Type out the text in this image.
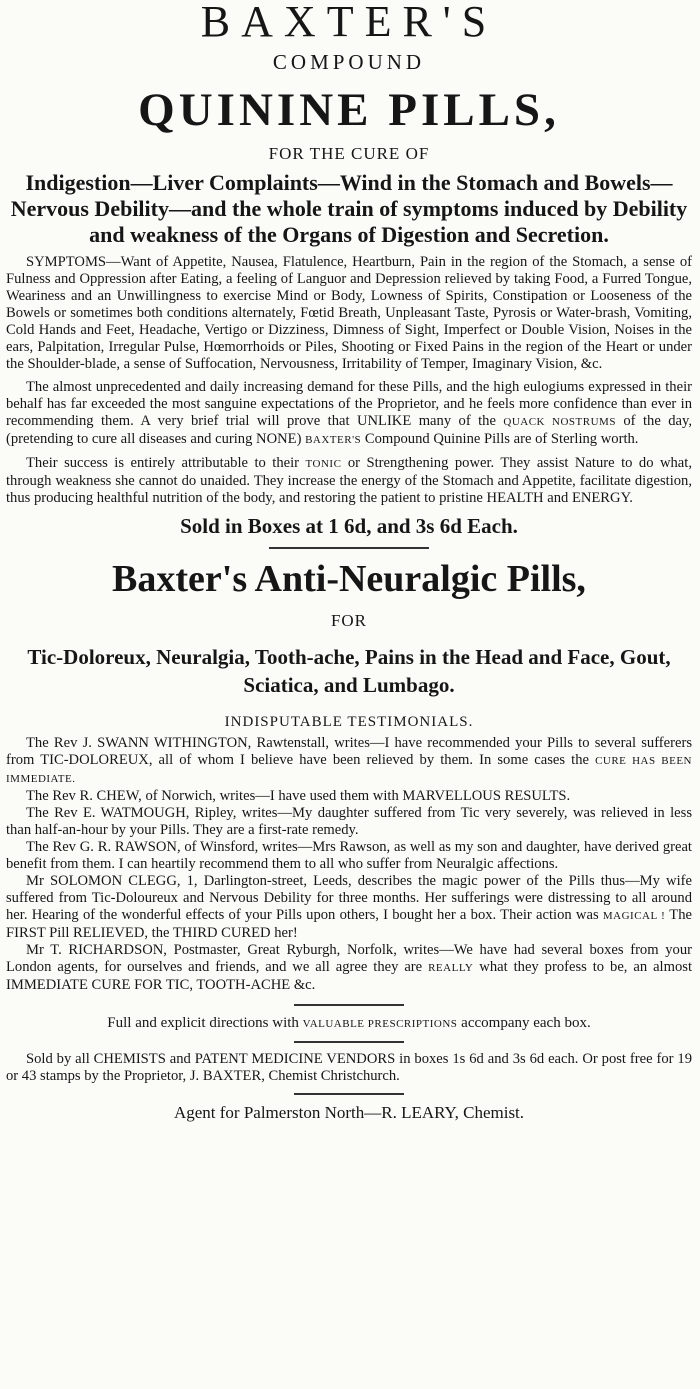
BAXTER'S
COMPOUND
QUININE PILLS,
FOR THE CURE OF
Indigestion—Liver Complaints—Wind in the Stomach and Bowels—Nervous Debility—and the whole train of symptoms induced by Debility and weakness of the Organs of Digestion and Secretion.
SYMPTOMS—Want of Appetite, Nausea, Flatulence, Heartburn, Pain in the region of the Stomach, a sense of Fulness and Oppression after Eating, a feeling of Languor and Depression relieved by taking Food, a Furred Tongue, Weariness and an Unwillingness to exercise Mind or Body, Lowness of Spirits, Constipation or Looseness of the Bowels or sometimes both conditions alternately, Fœtid Breath, Unpleasant Taste, Pyrosis or Water-brash, Vomiting, Cold Hands and Feet, Headache, Vertigo or Dizziness, Dimness of Sight, Imperfect or Double Vision, Noises in the ears, Palpitation, Irregular Pulse, Hœmorrhoids or Piles, Shooting or Fixed Pains in the region of the Heart or under the Shoulder-blade, a sense of Suffocation, Nervousness, Irritability of Temper, Imaginary Vision, &c.
The almost unprecedented and daily increasing demand for these Pills, and the high eulogiums expressed in their behalf has far exceeded the most sanguine expectations of the Proprietor, and he feels more confidence than ever in recommending them. A very brief trial will prove that UNLIKE many of the QUACK NOSTRUMS of the day, (pretending to cure all diseases and curing NONE) BAXTER'S Compound Quinine Pills are of Sterling worth.
Their success is entirely attributable to their TONIC or Strengthening power. They assist Nature to do what, through weakness she cannot do unaided. They increase the energy of the Stomach and Appetite, facilitate digestion, thus producing healthful nutrition of the body, and restoring the patient to pristine HEALTH and ENERGY.
Sold in Boxes at 1 6d, and 3s 6d Each.
Baxter's Anti-Neuralgic Pills,
FOR
Tic-Doloreux, Neuralgia, Tooth-ache, Pains in the Head and Face, Gout, Sciatica, and Lumbago.
INDISPUTABLE TESTIMONIALS.
The Rev J. SWANN WITHINGTON, Rawtenstall, writes—I have recommended your Pills to several sufferers from TIC-DOLOREUX, all of whom I believe have been relieved by them. In some cases the CURE HAS BEEN IMMEDIATE.
The Rev R. CHEW, of Norwich, writes—I have used them with MARVELLOUS RESULTS.
The Rev E. WATMOUGH, Ripley, writes—My daughter suffered from Tic very severely, was relieved in less than half-an-hour by your Pills. They are a first-rate remedy.
The Rev G. R. RAWSON, of Winsford, writes—Mrs Rawson, as well as my son and daughter, have derived great benefit from them. I can heartily recommend them to all who suffer from Neuralgic affections.
Mr SOLOMON CLEGG, 1, Darlington-street, Leeds, describes the magic power of the Pills thus—My wife suffered from Tic-Doloureux and Nervous Debility for three months. Her sufferings were distressing to all around her. Hearing of the wonderful effects of your Pills upon others, I bought her a box. Their action was MAGICAL ! The FIRST Pill RELIEVED, the THIRD CURED her!
Mr T. RICHARDSON, Postmaster, Great Ryburgh, Norfolk, writes—We have had several boxes from your London agents, for ourselves and friends, and we all agree they are REALLY what they profess to be, an almost IMMEDIATE CURE FOR TIC, TOOTH-ACHE &c.
Full and explicit directions with VALUABLE PRESCRIPTIONS accompany each box.
Sold by all CHEMISTS and PATENT MEDICINE VENDORS in boxes 1s 6d and 3s 6d each. Or post free for 19 or 43 stamps by the Proprietor, J. BAXTER, Chemist Christchurch.
Agent for Palmerston North—R. LEARY, Chemist.
